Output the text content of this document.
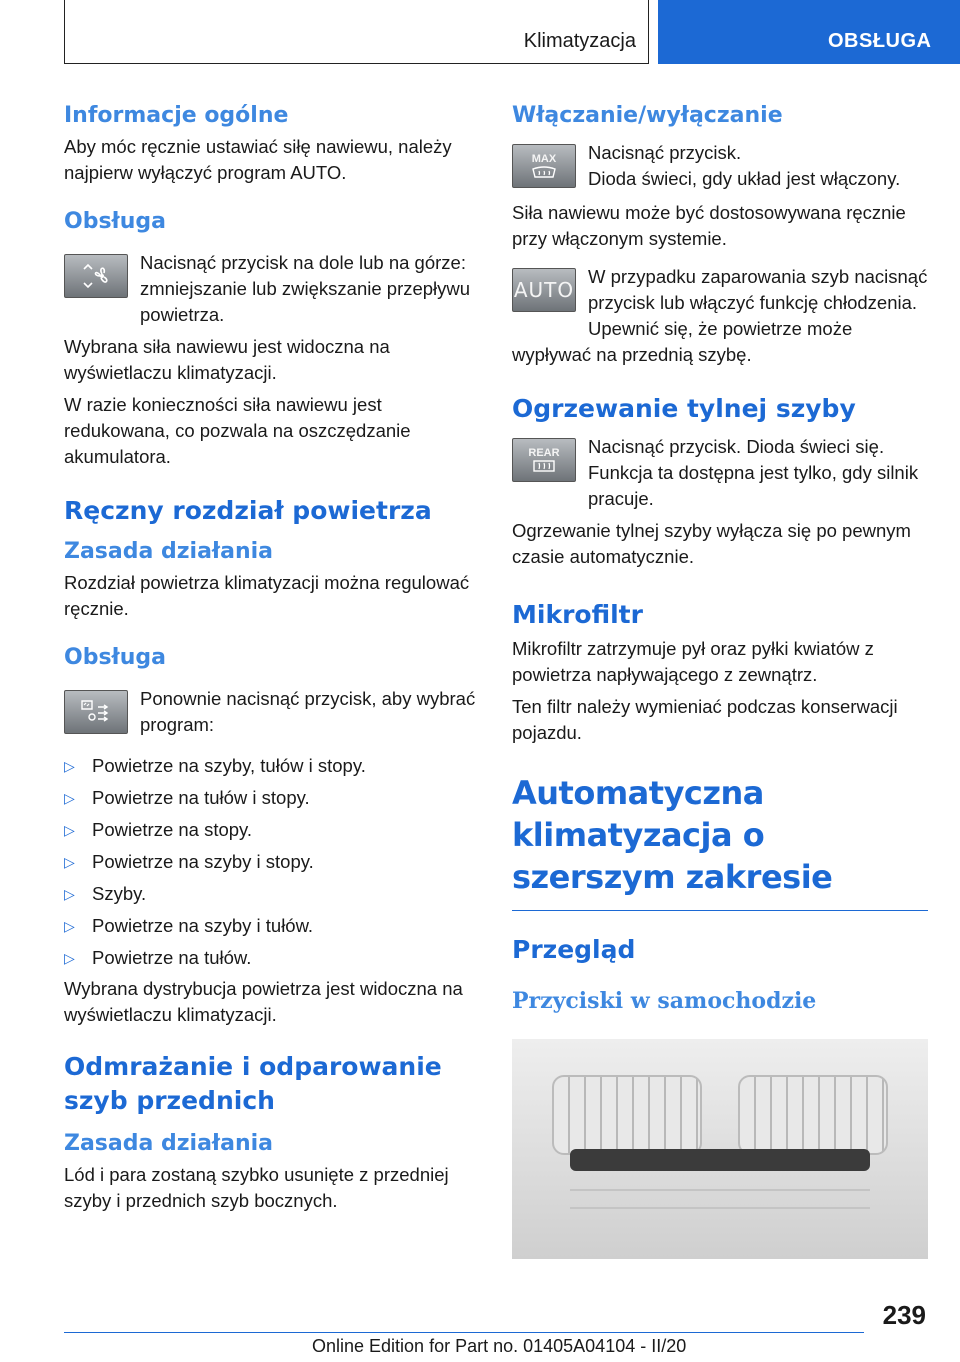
Klimatyzacja	OBSŁUGA
Informacje ogólne

Aby móc ręcznie ustawiać siłę nawiewu, należy najpierw wyłączyć program AUTO.

Obsługa

Nacisnąć przycisk na dole lub na górze: zmniejszanie lub zwiększanie przepływu powietrza.

Wybrana siła nawiewu jest widoczna na wyświetlaczu klimatyzacji.

W razie konieczności siła nawiewu jest redukowana, co pozwala na oszczędzanie akumulatora.

Ręczny rozdział powietrza
Zasada działania

Rozdział powietrza klimatyzacji można regulować ręcznie.

Obsługa

Ponownie nacisnąć przycisk, aby wybrać program:

▷ Powietrze na szyby, tułów i stopy.
▷ Powietrze na tułów i stopy.
▷ Powietrze na stopy.
▷ Powietrze na szyby i stopy.
▷ Szyby.
▷ Powietrze na szyby i tułów.
▷ Powietrze na tułów.

Wybrana dystrybucja powietrza jest widoczna na wyświetlaczu klimatyzacji.

Odmrażanie i odparowanie szyb przednich
Zasada działania

Lód i para zostaną szybko usunięte z przedniej szyby i przednich szyb bocznych.

Włączanie/wyłączanie
MAX	Nacisnąć przycisk.

Dioda świeci, gdy układ jest włączony.

Siła nawiewu może być dostosowywana ręcznie przy włączonym systemie.

AUTO

W przypadku zaparowania szyb nacisnąć przycisk lub włączyć funkcję chłodzenia. Upewnić się, że powietrze może wypływać na przednią szybę.

Ogrzewanie tylnej szyby
REAR	Nacisnąć przycisk. Dioda świeci się.

Funkcja ta dostępna jest tylko, gdy silnik pracuje.

Ogrzewanie tylnej szyby wyłącza się po pewnym czasie automatycznie.

Mikrofiltr

Mikrofiltr zatrzymuje pył oraz pyłki kwiatów z powietrza napływającego z zewnątrz.

Ten filtr należy wymieniać podczas konserwacji pojazdu.

Automatyczna klimatyzacja o szerszym zakresie
Przegląd
Przyciski w samochodzie
239
Online Edition for Part no. 01405A04104 - II/20
